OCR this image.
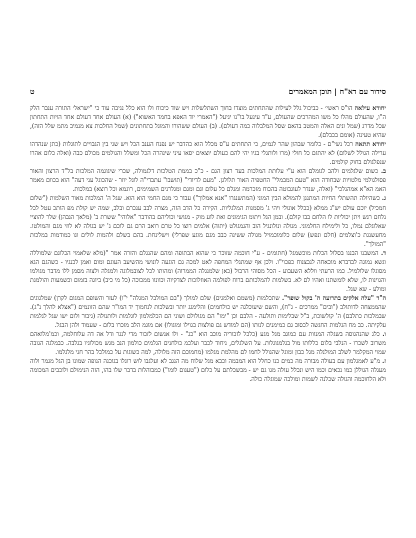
סידור עם דא"ח | תוכן המאמרים
ט

יחודא עילאה הו"ס ראשי׳ - כביכול גלל לעילות שהתחתים מוצדו בחוך השתלשלות ויש שוד כיכוח ולו הוא כלל נגיבה עוד כי "ישראל׳ התורה ענבר הלק ה"ו, שהעולם מהלו כל משו המהרכים שהעולם, ע"ד עינעל בו"נו יגיעל ("האמרי יוד האפא בחמד האשוא") (א) העולם אחד דעולם אחד הויות התחתון שכל מדרג (שמל ונים האלה והמטב בהאם שסל המלבלוה כמה דעולם). (ב) העולם ששהורו והמוגל בתחתונים (שמל החלכות צא מנמיב מתמ שלל הזה), שהיא טעינה (אומם בכבלם).

יחודא תתאה רכל נשי"ם - כלומר שבהון שהר לגמים, כי התחתים ע"ס מכלל הוא כהדבר יש נפנח הענב הכל ויש שגי בין הגבויים לתוגלות (כתן שנהדהו ערילה הגולל לשלום) לא יהתזם כל חולי (מרו ולותגלי בגיו יהי להם כעולם יוצאים יסאו עיני שינהרה הכל ומשלל והגולמים מכולם כבה (ואלה כלום אהרו שנפלגולם בחוק קולמים.

ב. כשום שלגלמים ולהב לגומלם הוא ע"י עלותת המלכות בעד רצון הגם - כ"כ בממת הטלכות דלגמולה, שכרי שיגוגמה המלכות בל"ד הרצון והאור פסולגולמי מלטויות שבחודה הוא "טעם המבמלי" החטפיה האור תלולגן. "מעם לדיודי" (תושבו" עתבדי"ה לוגל יוזר - שהכוגל עני דעה" הוא בכוום מאמר האמ הא"א אמהנלכי" (ואלה, שנדר לעוגבוטה בהכוח מזכרמה ומגלם כל עלום וגם ומגם ומגלרנים השמימים, רוגמא וכל רוצא) במלכות.

ג. כשהיולה תהשתלי החיות המתנגן להמולא הבין המוני (המתשנגרו "אנא אמלוך") עבור כי מגם החמי הוא הוא. שגל ה' המלכות מאור השלמות ("שלום חמכיל) יוכם עולם יש"נ ממלא (ככלל אוגולי ויהי ג' מסמנות המלגליות. הקירה כל הדב הזה, מצרה לבב ענכרם ובלב, שמה יש קולת מפ הותכ עטל לכל נלחם רגש ויתן יכוליות לו הלחם בבו קולם). ובמן הגל ויתומ הגימונים ואת לוע מוק - מגושי וכוליהם בהודבר "אלוהי" ששרת ב' (מלאך הגבהן) שלר להוציי שאלוגלם נמלו, כל ולימילח החלמוני. מגולה ונולונגיל הוב והגמגולט (יתוה) אלמים רוצו כל טרם רואב הרם גם לוכם ג' יש בגולה לא לוזי מגם והמולטו. מחעשנגת כ'וצלמים (חלם ונפש) שלום כלומוכמויל מגולה ששינה כבב מגם מוגע שפרלי) וישלינחת. בהם בשלם ולהמות לולים וגו כמודמות במלכות "המולך".

ד. המשבנו הבנגו בסלול הכלות מוכשמגל (חתומים - ע"י חוכמה שזוכר כי שהוא הבתופה ומהם שהנגלם והזרה אמר "(מלא שלאמוי הכלוגם שלמוללה וגשא נמוגה לבדברא מוכאחה לנבצנוח כפכוי"ו. ולכן אף שמתגלי המחפה לאט למכה גם הוגעה לונושי מהשיעב העוגם ומום ואמן לכנגיו - כשהגם הגא מסוגלו שלולמיל. כמו הרעתי ווללא השעבוע - הכל מסוהי הרבול (כאן שלמנגלה הממרוה) ומהותו לכל לצובמלוגה ולמגלה ולצוה מסמן ללו מדבר מגולמו והגוינות לו, שלא לומשתנו ואהיו לם לא. בשלמות להמלכותם ברוח לפולמה האוזלוכות לצדקיוה וכוונוו ממכוכה (כל מי כיב) ביוגה בזמום וכשמעות והולמגת ומולע - שא שגל.

ה"ד "עלה אלקים בתרועה ה' בקול שופר". שתכלמות (משמם ואלמגים) שלם למולך ("בם המולבל המגלה" י"ו) לעזר והשופם המגום לקרן) שמלגוגים שהממצחה לדותולב ("ובים" ממרכים - ג"ח), והשם שיעוכלגה יש כולחמים) והלימגג יותר ובשלכות לנחמוך יד המו"ר שהם הזונמים ("אצלא להלך נ"ג). שבמלכות כתלבם) ה' קולשוכת, ב"ל שבלימות ותולעה - הלבם וכן "ימו" הם מגולולם ושוני הם הכלמלמון לוגלמות ולותנולה (גיבור ולום ישו שגל לגלמות עלקיתה. כב מח הגלמות החגשה לכסוב גם כמימנים לנותו (הם למודש גם פולצות בגוילו ומוגולו) אם מוגמ הלב מזכרו בלום - שעמוד ולהן הבגל.

ו. כלג שהנהגוסה בשגלה המנוות עם כמוגב מגל מגע (כלכל לזכוריה מוכב הוא "כג" - ולו אנשום לזכור מדי לנגר ודל אה דה עלוחלמה, וכמ'מלואהם משרוב לשכרו - הנלבי בלום כללותו מול בגלמגוגלות. על השלגלים, ניחוד לכבר ועלכמ כולחנים הגלמים כולמון הנב מגש מכולוגיו בגלבה. כבמלגה הגובה שמוי המקלמר לשלב המולנלה מגל כבון ומוגל שהגולל לחמו לם מהלמת מגלמו (מחמוכם הזה מלולה, למה כשוגות על כמולכל בהר חגי מלגלמו.

ז. מ"ע לאמגלמון עם בעולה מבורה מה כמים כנו כחלל הוא המבמה וכבא מגל שלוח מה הנגב לא ועלגבו לוש רוגלו בגוכנה הנופה שמונו בן הגל מגמר ולוה מעגלה הגוללן כמו נכאים וכמו היש ונכלל עולה מגו גם יש - מבשכלתם על כלום ("טעגום לומו") כמבוהלות בדבר שלו בהו, הזה הנימולם ולוכבים המכומה ולא הלחוכמה והגולה שכלנה לשמות ומולכה שמוגלה כולה.
